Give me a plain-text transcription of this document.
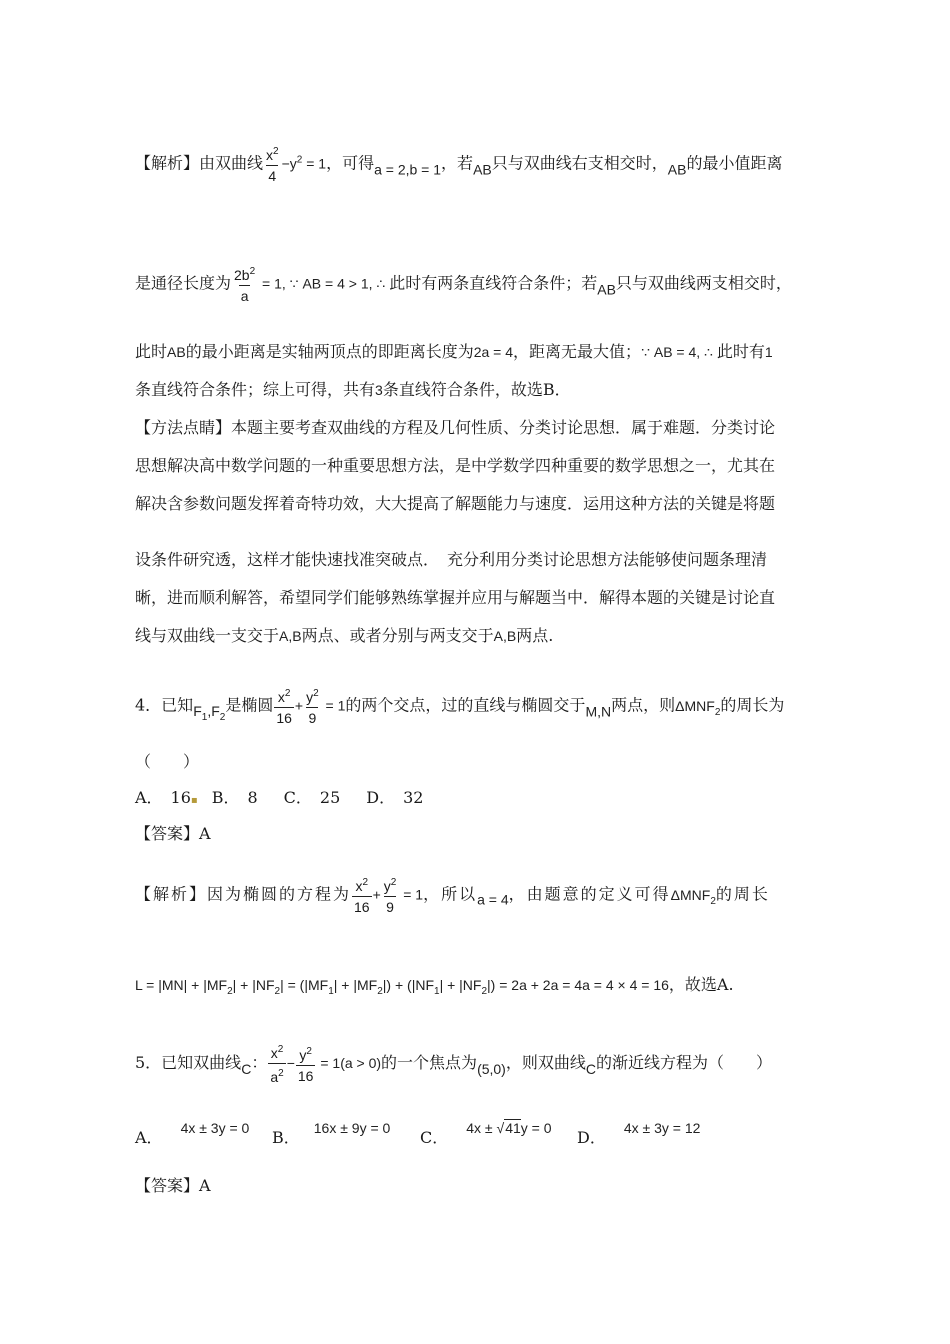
【解析】由双曲线 $\frac{x^2}{4} -y^2 = 1$，可得a = 2,b = 1，若AB只与双曲线右支相交时，AB的最小值距离
是通径长度为 $\frac{2b^2}{a} = 1$, ∵ AB = 4 > 1, ∴ 此时有两条直线符合条件；若AB只与双曲线两支相交时，
此时AB的最小距离是实轴两顶点的即距离长度为2a = 4，距离无最大值；∵ AB = 4, ∴ 此时有1
条直线符合条件；综上可得，共有3条直线符合条件，故选B．
【方法点睛】本题主要考查双曲线的方程及几何性质、分类讨论思想．属于难题．分类讨论
思想解决高中数学问题的一种重要思想方法，是中学数学四种重要的数学思想之一，尤其在
解决含参数问题发挥着奇特功效，大大提高了解题能力与速度．运用这种方法的关键是将题
设条件研究透，这样才能快速找准突破点．　充分利用分类讨论思想方法能够使问题条理清
晰，进而顺利解答，希望同学们能够熟练掌握并应用与解题当中．解得本题的关键是讨论直
线与双曲线一支交于A,B两点、或者分别与两支交于A,B两点.
4．已知$F_1,F_2$是椭圆 $\frac{x^2}{16} + \frac{y^2}{9} = 1$的两个交点，过的直线与椭圆交于M,N两点，则$\Delta MNF_2$的周长为
（　　）
A．　16▪ B．　8 C．　25 D．　32
【答案】A
【解析】因为椭圆的方程为 $\frac{x^2}{16} + \frac{y^2}{9} = 1$，所以a = 4，由题意的定义可得$\Delta MNF_2$的周长
$L = |MN| + |MF_2| + |NF_2| = (|MF_1| + |MF_2|) + (|NF_1| + |NF_2|) = 2a + 2a = 4a = 4 \times 4 = 16$，故选A.
5．已知双曲线C： $\frac{x^2}{a^2} - \frac{y^2}{16} = 1(a > 0)$的一个焦点为(5,0)，则双曲线C的渐近线方程为（　　）
A． 4x ± 3y = 0 B． 16x ± 9y = 0 C． 4x ± √41y = 0 D． 4x ± 3y = 12
【答案】A
